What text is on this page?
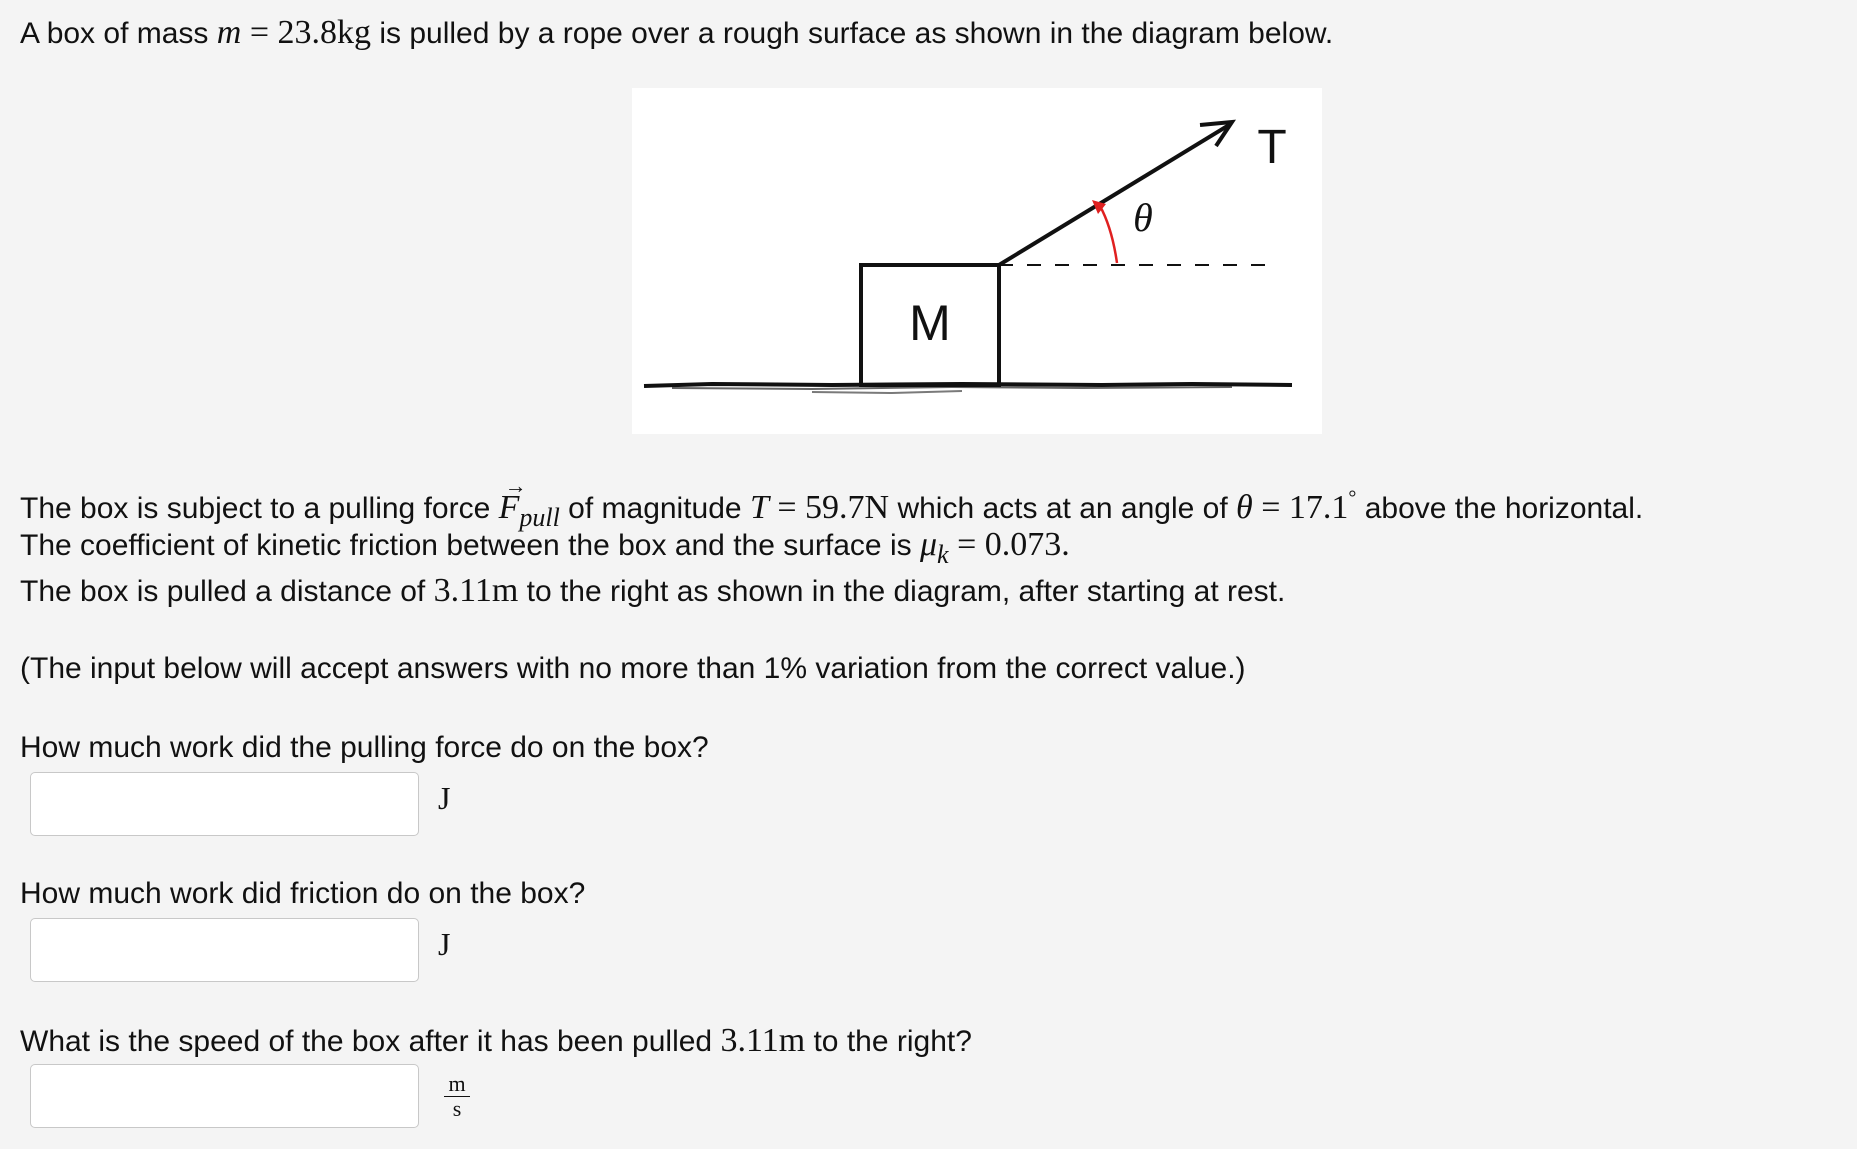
A box of mass m = 23.8kg is pulled by a rope over a rough surface as shown in the diagram below.
M
T
θ
The box is subject to a pulling force → Fpull of magnitude T = 59.7N which acts at an angle of θ = 17.1° above the horizontal.
The coefficient of kinetic friction between the box and the surface is μk = 0.073.
The box is pulled a distance of 3.11m to the right as shown in the diagram, after starting at rest.
(The input below will accept answers with no more than 1% variation from the correct value.)
How much work did the pulling force do on the box?
J
How much work did friction do on the box?
J
What is the speed of the box after it has been pulled 3.11m to the right?
$\frac{m}{s}$
